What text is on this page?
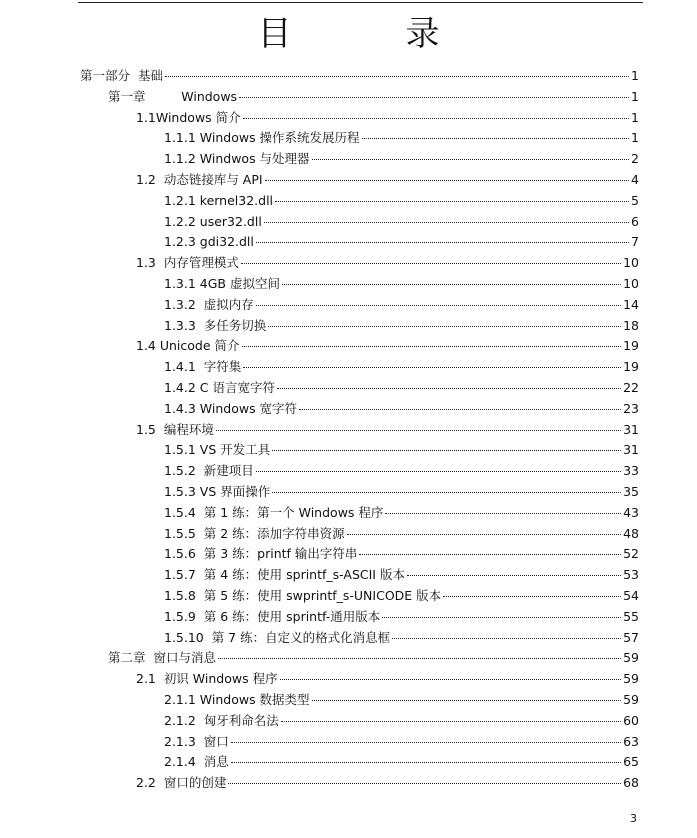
目　录
第一部分  基础	1
第一章         Windows	1
1.1Windows 简介	1
1.1.1 Windows 操作系统发展历程	1
1.1.2 Windwos 与处理器	2
1.2  动态链接库与 API	4
1.2.1 kernel32.dll	5
1.2.2 user32.dll	6
1.2.3 gdi32.dll	7
1.3  内存管理模式	10
1.3.1 4GB 虚拟空间	10
1.3.2  虚拟内存	14
1.3.3  多任务切换	18
1.4 Unicode 简介	19
1.4.1  字符集	19
1.4.2 C 语言宽字符	22
1.4.3 Windows 宽字符	23
1.5  编程环境	31
1.5.1 VS 开发工具	31
1.5.2  新建项目	33
1.5.3 VS 界面操作	35
1.5.4  第 1 练：第一个 Windows 程序	43
1.5.5  第 2 练：添加字符串资源	48
1.5.6  第 3 练：printf 输出字符串	52
1.5.7  第 4 练：使用 sprintf_s-ASCII 版本	53
1.5.8  第 5 练：使用 swprintf_s-UNICODE 版本	54
1.5.9  第 6 练：使用 sprintf-通用版本	55
1.5.10  第 7 练：自定义的格式化消息框	57
第二章  窗口与消息	59
2.1  初识 Windows 程序	59
2.1.1 Windows 数据类型	59
2.1.2  匈牙利命名法	60
2.1.3  窗口	63
2.1.4  消息	65
2.2  窗口的创建	68
3
